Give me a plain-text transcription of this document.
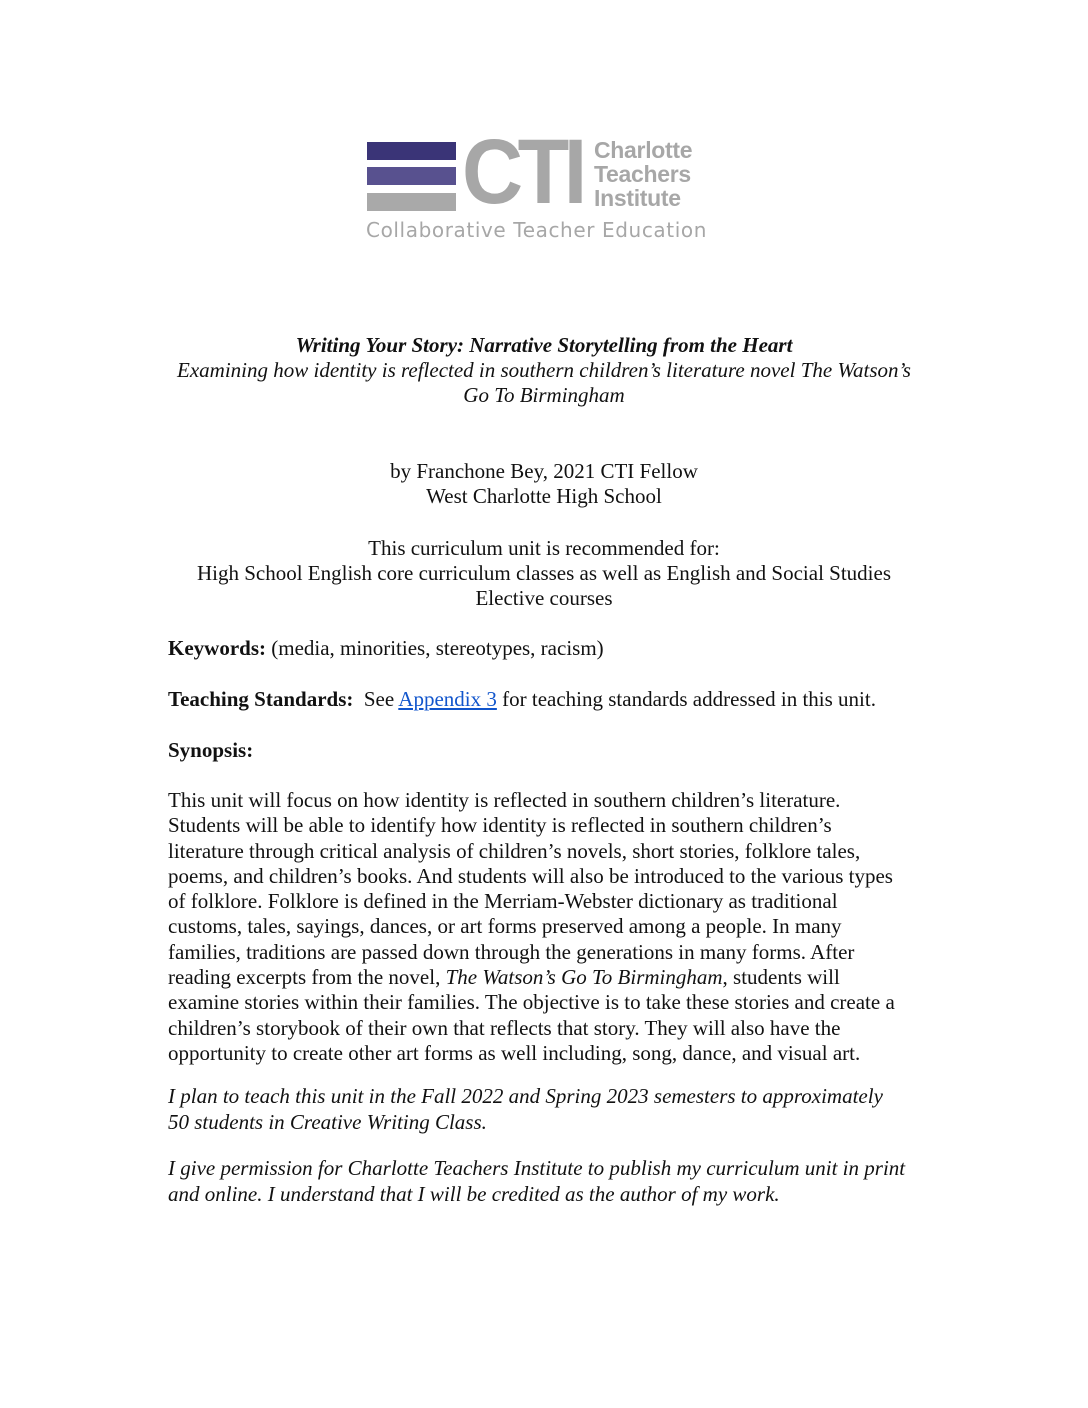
CTI Charlotte
Teachers
Institute
Collaborative Teacher Education
Writing Your Story: Narrative Storytelling from the Heart
Examining how identity is reflected in southern children’s literature novel The Watson’s
Go To Birmingham
by Franchone Bey, 2021 CTI Fellow
West Charlotte High School
This curriculum unit is recommended for:
High School English core curriculum classes as well as English and Social Studies
Elective courses
Keywords: (media, minorities, stereotypes, racism)
Teaching Standards:  See Appendix 3 for teaching standards addressed in this unit.
Synopsis:
This unit will focus on how identity is reflected in southern children’s literature.
Students will be able to identify how identity is reflected in southern children’s
literature through critical analysis of children’s novels, short stories, folklore tales,
poems, and children’s books. And students will also be introduced to the various types
of folklore. Folklore is defined in the Merriam-Webster dictionary as traditional
customs, tales, sayings, dances, or art forms preserved among a people. In many
families, traditions are passed down through the generations in many forms. After
reading excerpts from the novel, The Watson’s Go To Birmingham, students will
examine stories within their families. The objective is to take these stories and create a
children’s storybook of their own that reflects that story. They will also have the
opportunity to create other art forms as well including, song, dance, and visual art.
I plan to teach this unit in the Fall 2022 and Spring 2023 semesters to approximately
50 students in Creative Writing Class.
I give permission for Charlotte Teachers Institute to publish my curriculum unit in print
and online. I understand that I will be credited as the author of my work.
